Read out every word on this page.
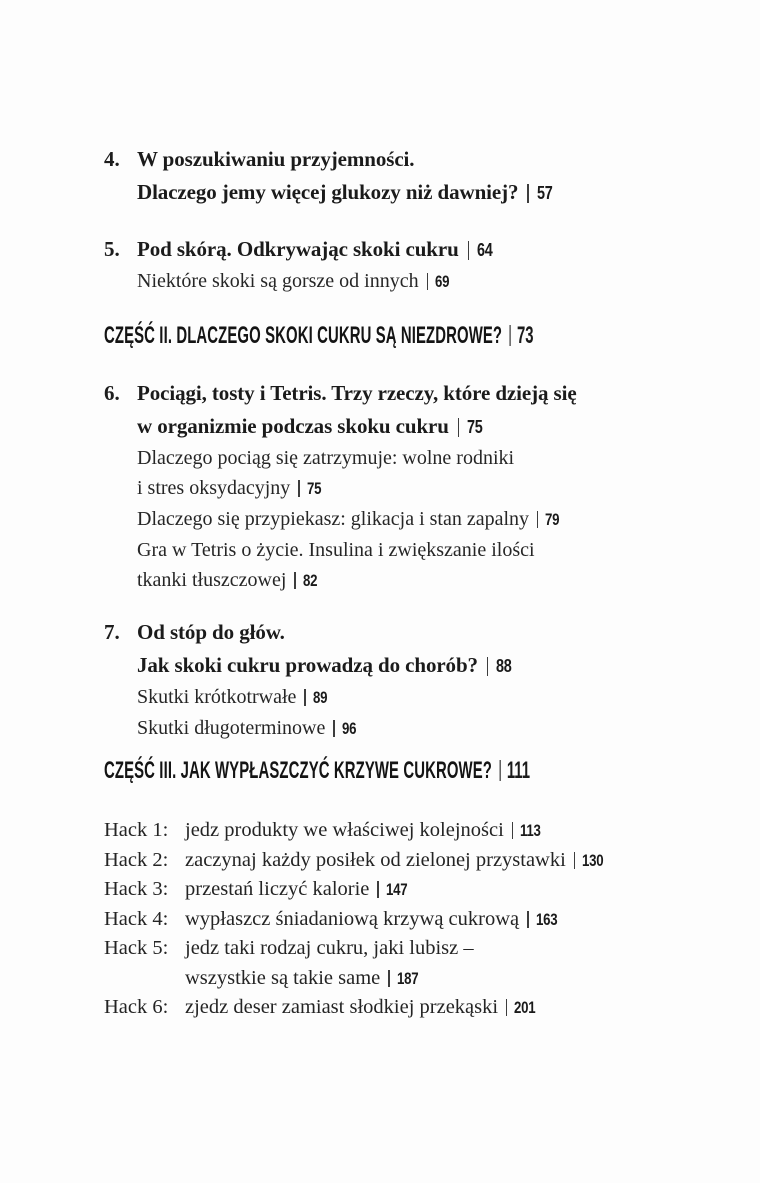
4. W poszukiwaniu przyjemności.
Dlaczego jemy więcej glukozy niż dawniej? 57
5. Pod skórą. Odkrywając skoki cukru 64
Niektóre skoki są gorsze od innych 69
CZĘŚĆ II. DLACZEGO SKOKI CUKRU SĄ NIEZDROWE? 73
6. Pociągi, tosty i Tetris. Trzy rzeczy, które dzieją się
w organizmie podczas skoku cukru 75
Dlaczego pociąg się zatrzymuje: wolne rodniki
i stres oksydacyjny 75
Dlaczego się przypiekasz: glikacja i stan zapalny 79
Gra w Tetris o życie. Insulina i zwiększanie ilości
tkanki tłuszczowej 82
7. Od stóp do głów.
Jak skoki cukru prowadzą do chorób? 88
Skutki krótkotrwałe 89
Skutki długoterminowe 96
CZĘŚĆ III. JAK WYPŁASZCZYĆ KRZYWE CUKROWE? 111
Hack 1: jedz produkty we właściwej kolejności 113
Hack 2: zaczynaj każdy posiłek od zielonej przystawki 130
Hack 3: przestań liczyć kalorie 147
Hack 4: wypłaszcz śniadaniową krzywą cukrową 163
Hack 5: jedz taki rodzaj cukru, jaki lubisz –
wszystkie są takie same 187
Hack 6: zjedz deser zamiast słodkiej przekąski 201
